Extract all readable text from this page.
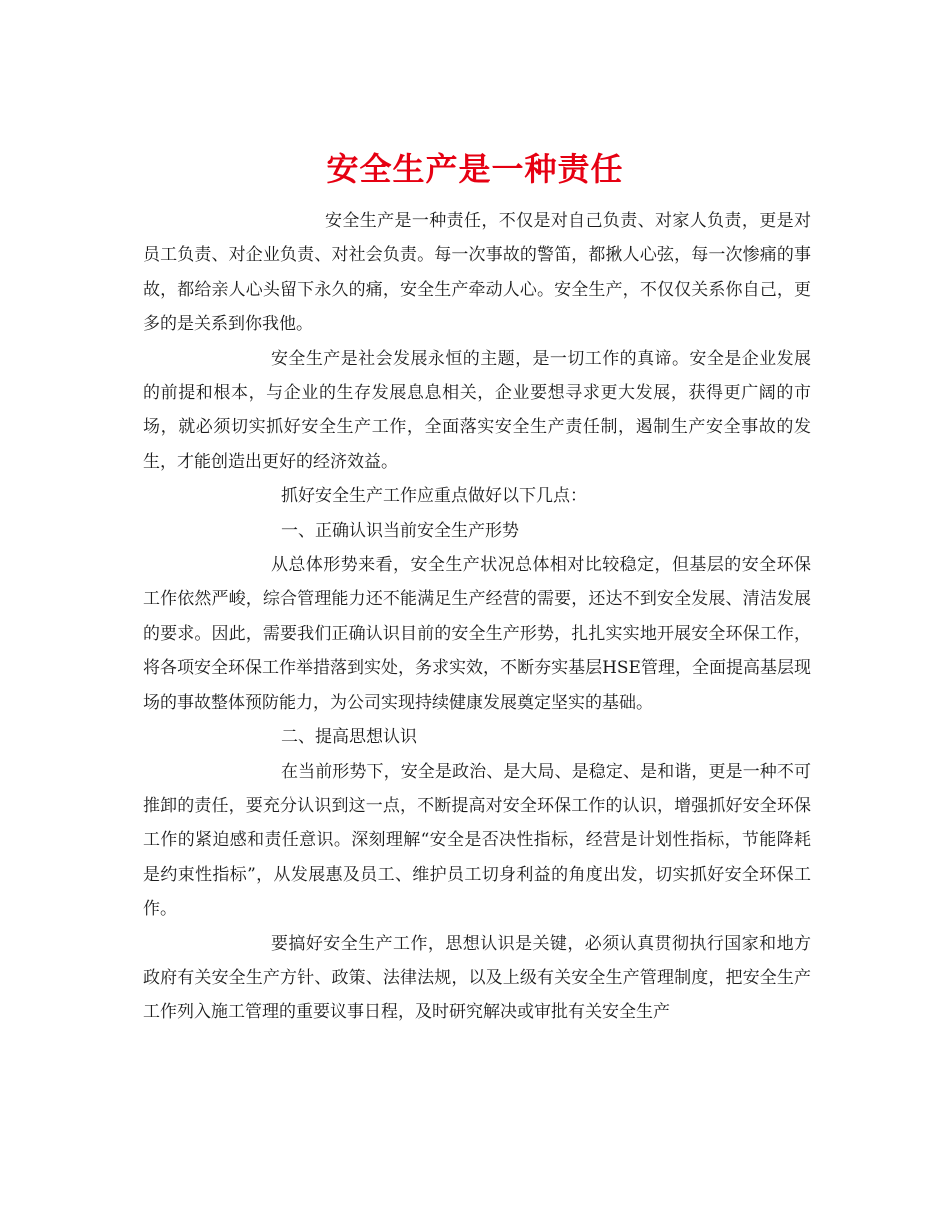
安全生产是一种责任

安全生产是一种责任，不仅是对自己负责、对家人负责，更是对员工负责、对企业负责、对社会负责。每一次事故的警笛，都揪人心弦，每一次惨痛的事故，都给亲人心头留下永久的痛，安全生产牵动人心。安全生产，不仅仅关系你自己，更多的是关系到你我他。

安全生产是社会发展永恒的主题，是一切工作的真谛。安全是企业发展的前提和根本，与企业的生存发展息息相关，企业要想寻求更大发展，获得更广阔的市场，就必须切实抓好安全生产工作，全面落实安全生产责任制，遏制生产安全事故的发生，才能创造出更好的经济效益。

抓好安全生产工作应重点做好以下几点：

一、正确认识当前安全生产形势

从总体形势来看，安全生产状况总体相对比较稳定，但基层的安全环保工作依然严峻，综合管理能力还不能满足生产经营的需要，还达不到安全发展、清洁发展的要求。因此，需要我们正确认识目前的安全生产形势，扎扎实实地开展安全环保工作，将各项安全环保工作举措落到实处，务求实效，不断夯实基层HSE管理，全面提高基层现场的事故整体预防能力，为公司实现持续健康发展奠定坚实的基础。

二、提高思想认识

在当前形势下，安全是政治、是大局、是稳定、是和谐，更是一种不可推卸的责任，要充分认识到这一点，不断提高对安全环保工作的认识，增强抓好安全环保工作的紧迫感和责任意识。深刻理解“安全是否决性指标，经营是计划性指标，节能降耗是约束性指标”，从发展惠及员工、维护员工切身利益的角度出发，切实抓好安全环保工作。

要搞好安全生产工作，思想认识是关键，必须认真贯彻执行国家和地方政府有关安全生产方针、政策、法律法规，以及上级有关安全生产管理制度，把安全生产工作列入施工管理的重要议事日程，及时研究解决或审批有关安全生产
